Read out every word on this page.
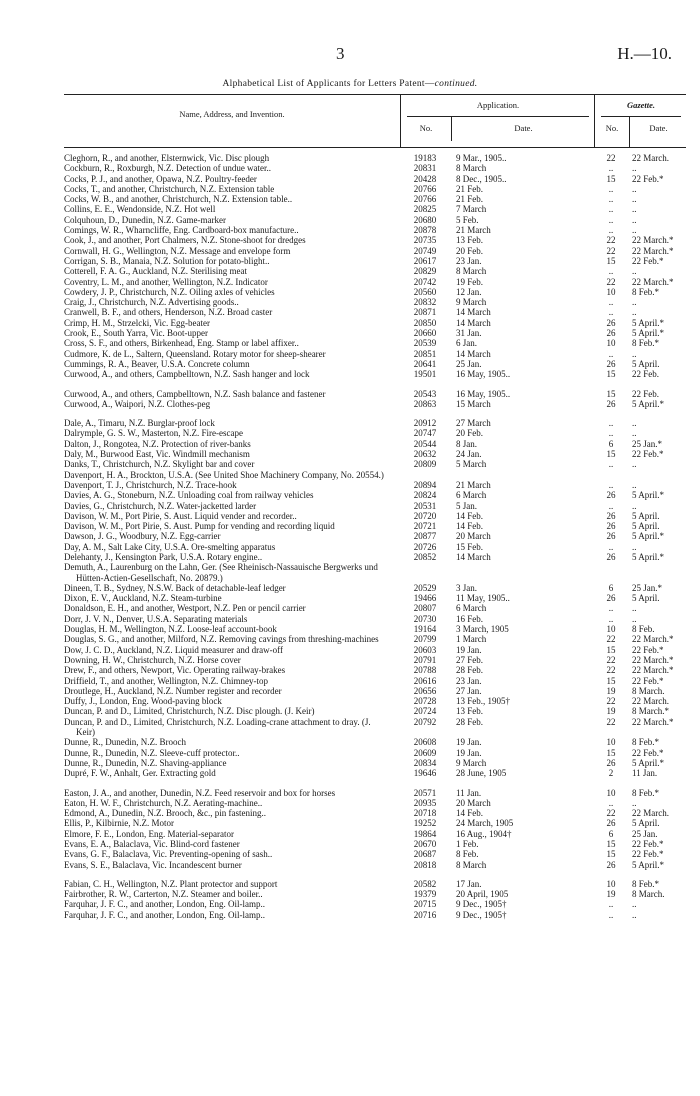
3	H.—10.
Alphabetical List of Applicants for Letters Patent—continued.
Name, Address, and Invention.
Application.
No.	Date.
Gazette.
No.	Date.
Cleghorn, R., and another, Elsternwick, Vic. Disc plough	19183	9 Mar., 1905..	22	22 March.
Cockburn, R., Roxburgh, N.Z. Detection of undue water..	20831	8 March	..	..
Cocks, P. J., and another, Opawa, N.Z. Poultry-feeder	20428	8 Dec., 1905..	15	22 Feb.*
Cocks, T., and another, Christchurch, N.Z. Extension table	20766	21 Feb.	..	..
Cocks, W. B., and another, Christchurch, N.Z. Extension table..	20766	21 Feb.	..	..
Collins, E. E., Wendonside, N.Z. Hot well	20825	7 March	..	..
Colquhoun, D., Dunedin, N.Z. Game-marker	20680	5 Feb.	..	..
Comings, W. R., Wharncliffe, Eng. Cardboard-box manufacture..	20878	21 March	..	..
Cook, J., and another, Port Chalmers, N.Z. Stone-shoot for dredges	20735	13 Feb.	22	22 March.*
Cornwall, H. G., Wellington, N.Z. Message and envelope form	20749	20 Feb.	22	22 March.*
Corrigan, S. B., Manaia, N.Z. Solution for potato-blight..	20617	23 Jan.	15	22 Feb.*
Cotterell, F. A. G., Auckland, N.Z. Sterilising meat	20829	8 March	..	..
Coventry, L. M., and another, Wellington, N.Z. Indicator	20742	19 Feb.	22	22 March.*
Cowdery, J. P., Christchurch, N.Z. Oiling axles of vehicles	20560	12 Jan.	10	8 Feb.*
Craig, J., Christchurch, N.Z. Advertising goods..	20832	9 March	..	..
Cranwell, B. F., and others, Henderson, N.Z. Broad caster	20871	14 March	..	..
Crimp, H. M., Strzelcki, Vic. Egg-beater	20850	14 March	26	5 April.*
Crook, E., South Yarra, Vic. Boot-upper	20660	31 Jan.	26	5 April.*
Cross, S. F., and others, Birkenhead, Eng. Stamp or label affixer..	20539	6 Jan.	10	8 Feb.*
Cudmore, K. de L., Saltern, Queensland. Rotary motor for sheep-shearer	20851	14 March	..	..
Cummings, R. A., Beaver, U.S.A. Concrete column	20641	25 Jan.	26	5 April.
Curwood, A., and others, Campbelltown, N.Z. Sash hanger and lock	19501	16 May, 1905..	15	22 Feb.
Curwood, A., and others, Campbelltown, N.Z. Sash balance and fastener	20543	16 May, 1905..	15	22 Feb.
Curwood, A., Waipori, N.Z. Clothes-peg	20863	15 March	26	5 April.*
Dale, A., Timaru, N.Z. Burglar-proof lock	20912	27 March	..	..
Dalrymple, G. S. W., Masterton, N.Z. Fire-escape	20747	20 Feb.	..	..
Dalton, J., Rongotea, N.Z. Protection of river-banks	20544	8 Jan.	6	25 Jan.*
Daly, M., Burwood East, Vic. Windmill mechanism	20632	24 Jan.	15	22 Feb.*
Danks, T., Christchurch, N.Z. Skylight bar and cover	20809	5 March	..	..
Davenport, H. A., Brockton, U.S.A. (See United Shoe Machinery Company, No. 20554.)
Davenport, T. J., Christchurch, N.Z. Trace-hook	20894	21 March	..	..
Davies, A. G., Stoneburn, N.Z. Unloading coal from railway vehicles	20824	6 March	26	5 April.*
Davies, G., Christchurch, N.Z. Water-jacketted larder	20531	5 Jan.	..	..
Davison, W. M., Port Pirie, S. Aust. Liquid vender and recorder..	20720	14 Feb.	26	5 April.
Davison, W. M., Port Pirie, S. Aust. Pump for vending and recording liquid	20721	14 Feb.	26	5 April.
Dawson, J. G., Woodbury, N.Z. Egg-carrier	20877	20 March	26	5 April.*
Day, A. M., Salt Lake City, U.S.A. Ore-smelting apparatus	20726	15 Feb.	..	..
Delehanty, J., Kensington Park, U.S.A. Rotary engine..	20852	14 March	26	5 April.*
Demuth, A., Laurenburg on the Lahn, Ger. (See Rheinisch-Nassauische Bergwerks und Hütten-Actien-Gesellschaft, No. 20879.)
Dineen, T. B., Sydney, N.S.W. Back of detachable-leaf ledger	20529	3 Jan.	6	25 Jan.*
Dixon, E. V., Auckland, N.Z. Steam-turbine	19466	11 May, 1905..	26	5 April.
Donaldson, E. H., and another, Westport, N.Z. Pen or pencil carrier	20807	6 March	..	..
Dorr, J. V. N., Denver, U.S.A. Separating materials	20730	16 Feb.	..	..
Douglas, H. M., Wellington, N.Z. Loose-leaf account-book	19164	3 March, 1905	10	8 Feb.
Douglas, S. G., and another, Milford, N.Z. Removing cavings from threshing-machines	20799	1 March	22	22 March.*
Dow, J. C. D., Auckland, N.Z. Liquid measurer and draw-off	20603	19 Jan.	15	22 Feb.*
Downing, H. W., Christchurch, N.Z. Horse cover	20791	27 Feb.	22	22 March.*
Drew, F., and others, Newport, Vic. Operating railway-brakes	20788	28 Feb.	22	22 March.*
Driffield, T., and another, Wellington, N.Z. Chimney-top	20616	23 Jan.	15	22 Feb.*
Droutlege, H., Auckland, N.Z. Number register and recorder	20656	27 Jan.	19	8 March.
Duffy, J., London, Eng. Wood-paving block	20728	13 Feb., 1905†	22	22 March.
Duncan, P. and D., Limited, Christchurch, N.Z. Disc plough. (J. Keir)	20724	13 Feb.	19	8 March.*
Duncan, P. and D., Limited, Christchurch, N.Z. Loading-crane attachment to dray. (J. Keir)
20792	28 Feb.	22	22 March.*
Dunne, R., Dunedin, N.Z. Brooch	20608	19 Jan.	10	8 Feb.*
Dunne, R., Dunedin, N.Z. Sleeve-cuff protector..	20609	19 Jan.	15	22 Feb.*
Dunne, R., Dunedin, N.Z. Shaving-appliance	20834	9 March	26	5 April.*
Dupré, F. W., Anhalt, Ger. Extracting gold	19646	28 June, 1905	2	11 Jan.
Easton, J. A., and another, Dunedin, N.Z. Feed reservoir and box for horses	20571	11 Jan.	10	8 Feb.*
Eaton, H. W. F., Christchurch, N.Z. Aerating-machine..	20935	20 March	..	..
Edmond, A., Dunedin, N.Z. Brooch, &c., pin fastening..	20718	14 Feb.	22	22 March.
Ellis, P., Kilbirnie, N.Z. Motor	19252	24 March, 1905	26	5 April.
Elmore, F. E., London, Eng. Material-separator	19864	16 Aug., 1904†	6	25 Jan.
Evans, E. A., Balaclava, Vic. Blind-cord fastener	20670	1 Feb.	15	22 Feb.*
Evans, G. F., Balaclava, Vic. Preventing-opening of sash..	20687	8 Feb.	15	22 Feb.*
Evans, S. E., Balaclava, Vic. Incandescent burner	20818	8 March	26	5 April.*
Fabian, C. H., Wellington, N.Z. Plant protector and support	20582	17 Jan.	10	8 Feb.*
Fairbrother, R. W., Carterton, N.Z. Steamer and boiler..	19379	20 April, 1905	19	8 March.
Farquhar, J. F. C., and another, London, Eng. Oil-lamp..	20715	9 Dec., 1905†	..	..
Farquhar, J. F. C., and another, London, Eng. Oil-lamp..	20716	9 Dec., 1905†	..	..
